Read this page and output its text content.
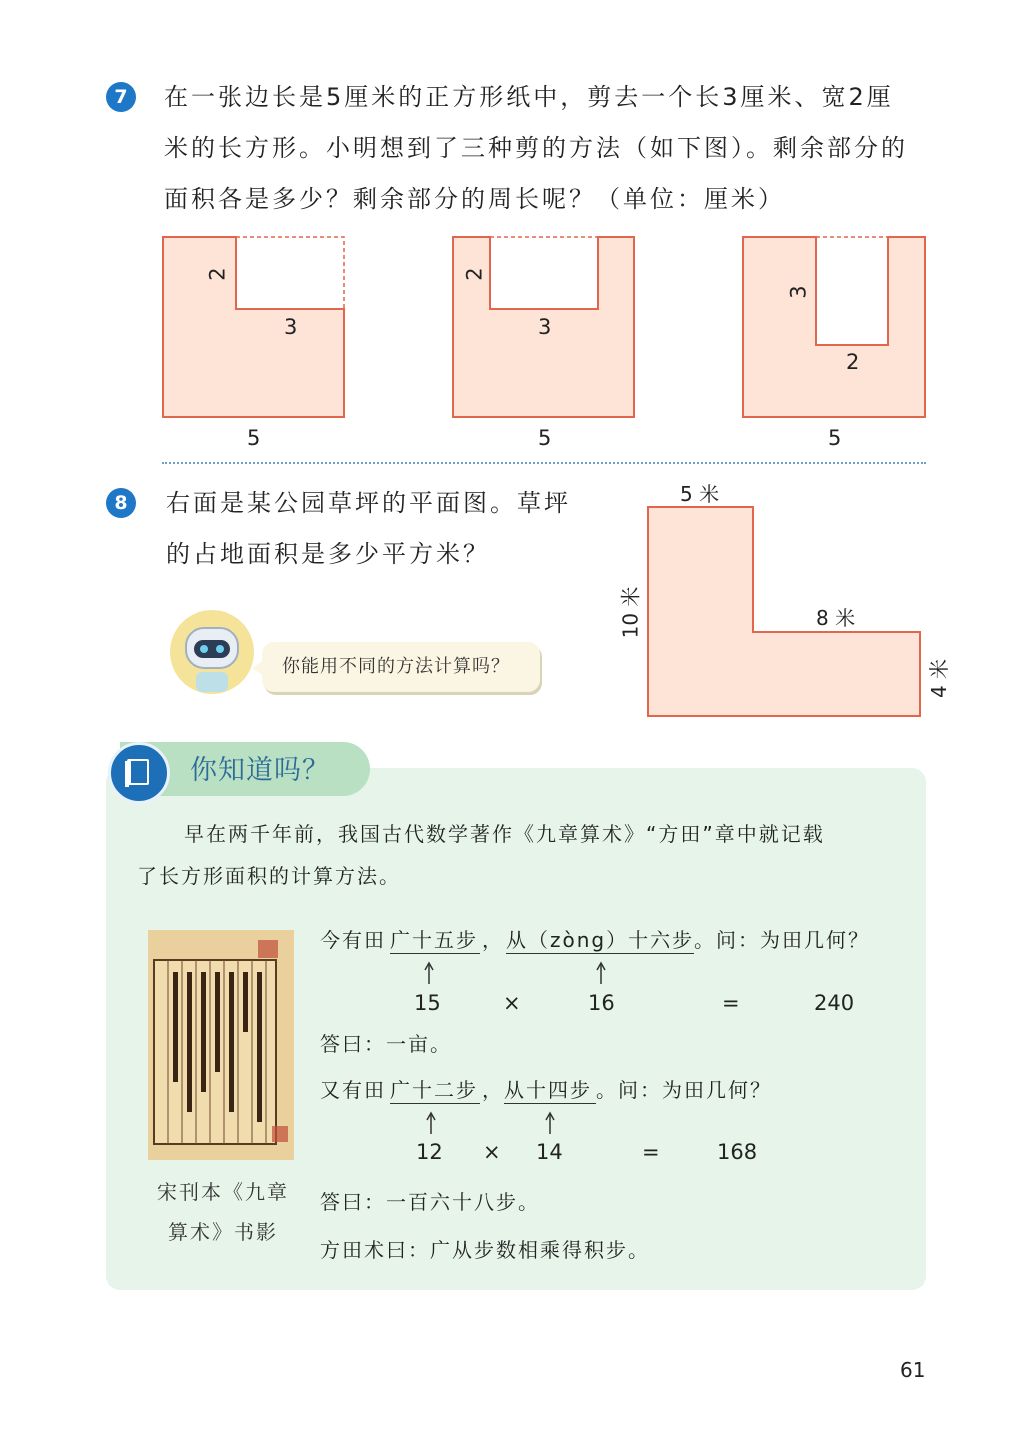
7	在一张边长是5厘米的正方形纸中，剪去一个长3厘米、宽2厘
米的长方形。小明想到了三种剪的方法（如下图）。剩余部分的
面积各是多少？剩余部分的周长呢？（单位：厘米）
2
3
5
2
3
5
3
2
5
8	右面是某公园草坪的平面图。草坪
的占地面积是多少平方米？
5 米
10 米	8 米
4 米
你能用不同的方法计算吗？
你知道吗？
早在两千年前，我国古代数学著作《九章算术》“方田”章中就记载
了长方形面积的计算方法。
宋刊本《九章
算术》书影
今有田 广十五步 ， 从（zòng）十六步 。问：为田几何？
15	×	16	=	240
答曰：一亩。
又有田 广十二步 ， 从十四步 。问：为田几何？
12 × 14	=	168
答曰：一百六十八步。
方田术曰：广从步数相乘得积步。
61
